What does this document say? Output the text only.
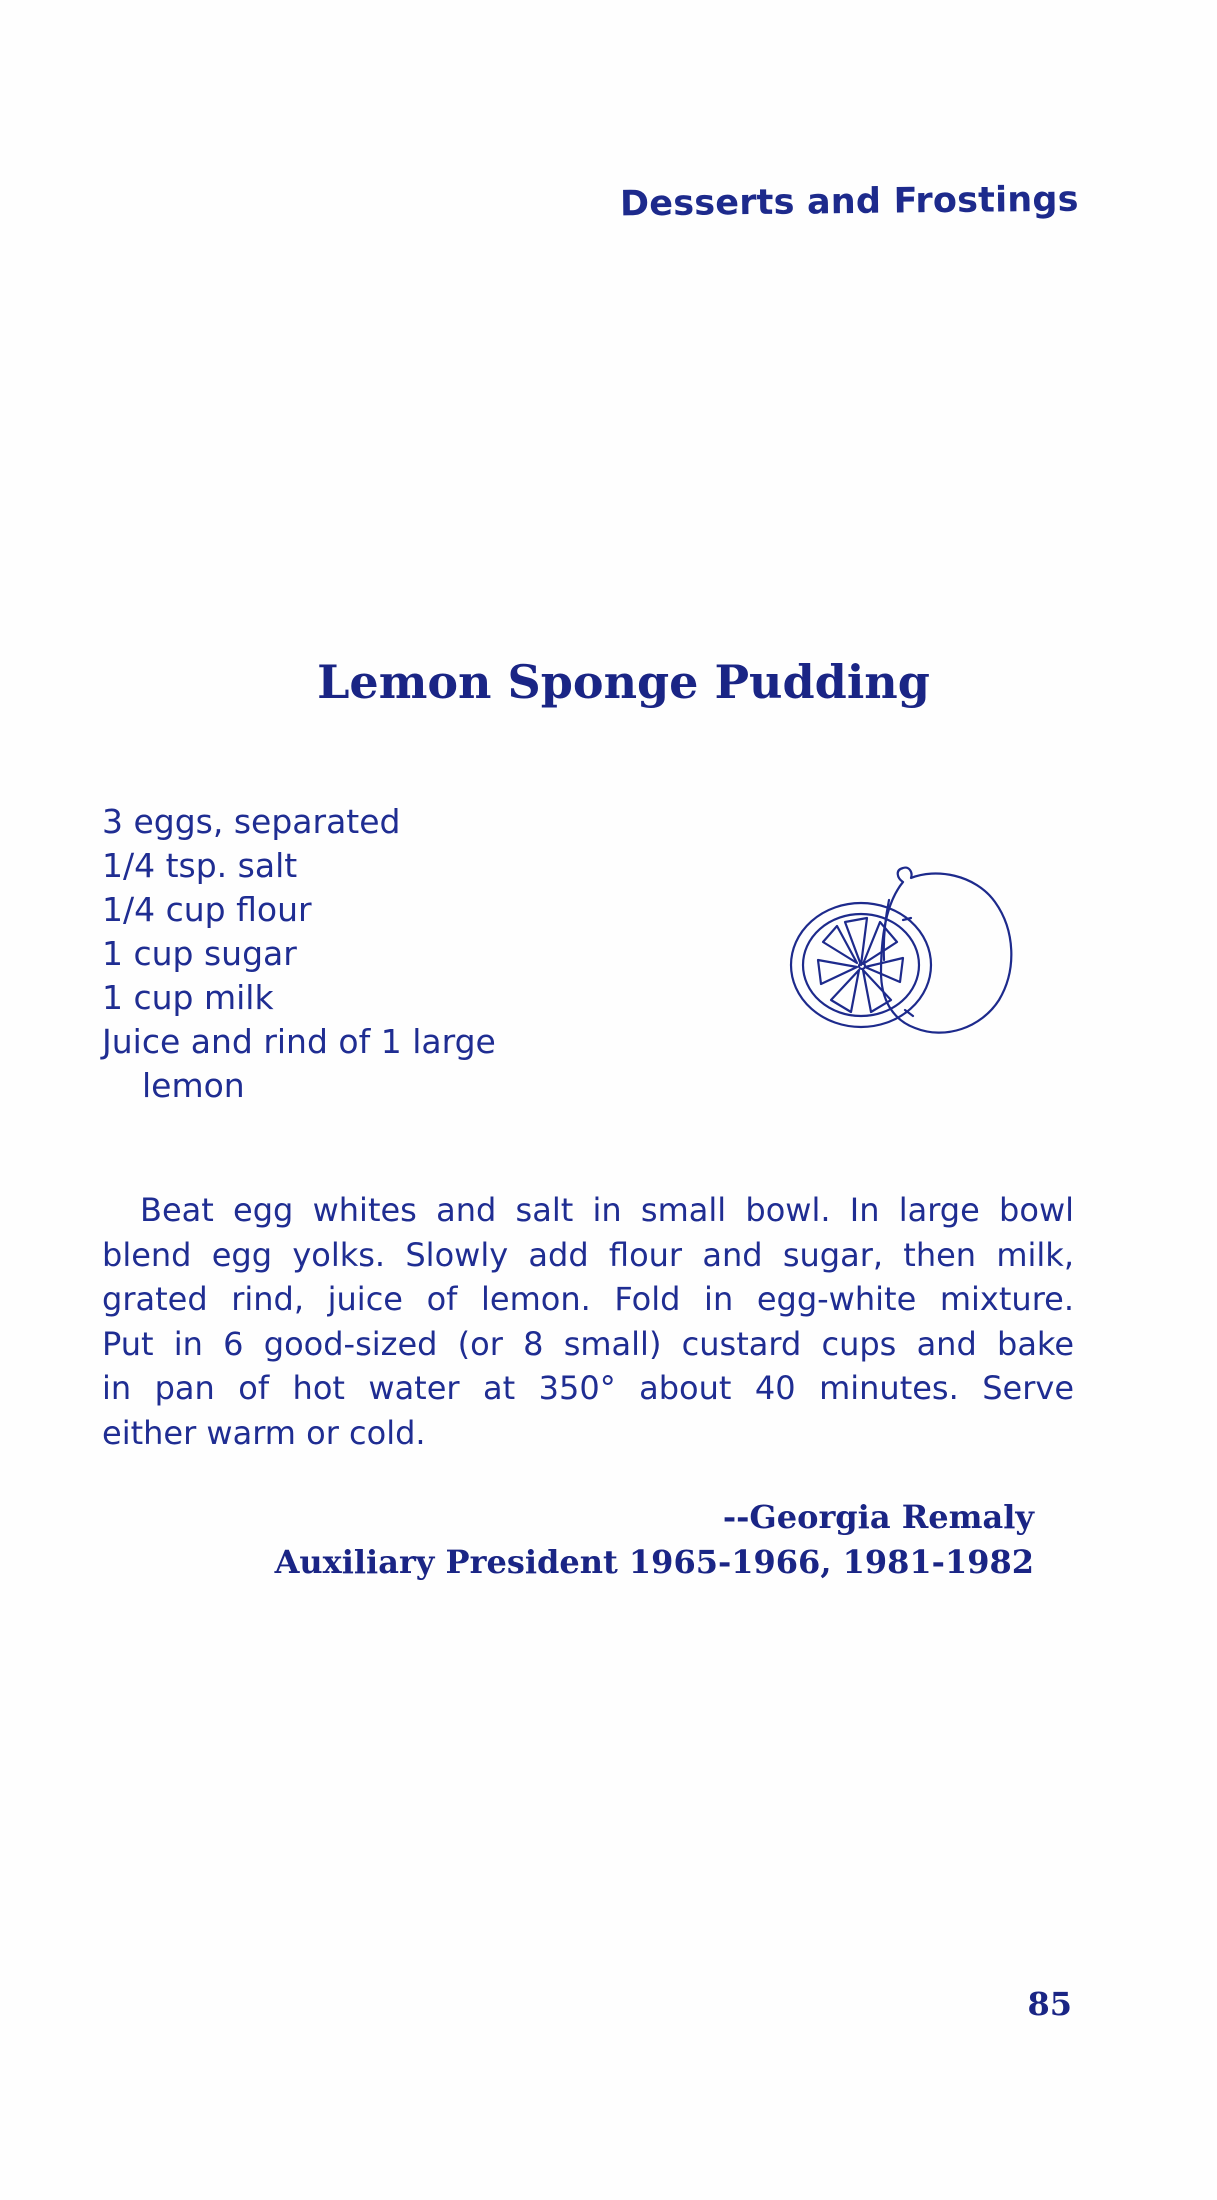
Desserts and Frostings
Lemon Sponge Pudding
3 eggs, separated
1/4 tsp. salt
1/4 cup flour
1 cup sugar
1 cup milk
Juice and rind of 1 large
lemon

Beat egg whites and salt in small bowl. In large bowl
blend egg yolks. Slowly add flour and sugar, then milk,
grated rind, juice of lemon. Fold in egg-white mixture.
Put in 6 good-sized (or 8 small) custard cups and bake
in pan of hot water at 350° about 40 minutes. Serve
either warm or cold.

--Georgia Remaly
Auxiliary President 1965-1966, 1981-1982
85
